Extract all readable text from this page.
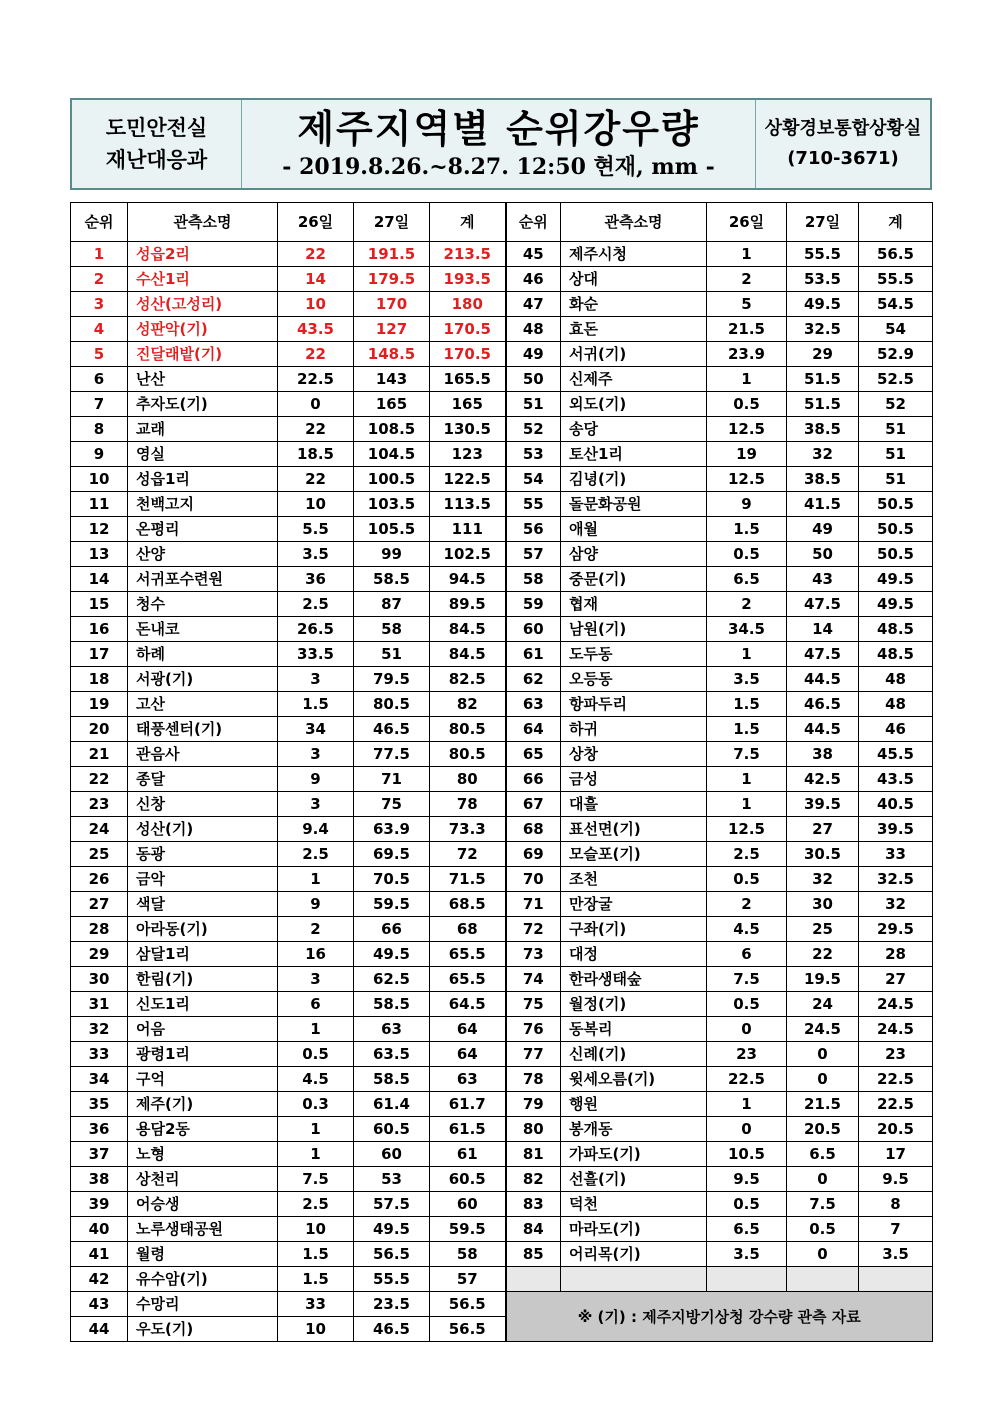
도민안전실
재난대응과
제주지역별 순위강우량
- 2019.8.26.~8.27. 12:50 현재, mm -
상황경보통합상황실
(710-3671)
순위	관측소명	26일	27일	계	순위	관측소명	26일	27일	계
1	성읍2리	22	191.5	213.5	45	제주시청	1	55.5	56.5
2	수산1리	14	179.5	193.5	46	상대	2	53.5	55.5
3	성산(고성리)	10	170	180	47	화순	5	49.5	54.5
4	성판악(기)	43.5	127	170.5	48	효돈	21.5	32.5	54
5	진달래밭(기)	22	148.5	170.5	49	서귀(기)	23.9	29	52.9
6	난산	22.5	143	165.5	50	신제주	1	51.5	52.5
7	추자도(기)	0	165	165	51	외도(기)	0.5	51.5	52
8	교래	22	108.5	130.5	52	송당	12.5	38.5	51
9	영실	18.5	104.5	123	53	토산1리	19	32	51
10	성읍1리	22	100.5	122.5	54	김녕(기)	12.5	38.5	51
11	천백고지	10	103.5	113.5	55	돌문화공원	9	41.5	50.5
12	온평리	5.5	105.5	111	56	애월	1.5	49	50.5
13	산양	3.5	99	102.5	57	삼양	0.5	50	50.5
14	서귀포수련원	36	58.5	94.5	58	중문(기)	6.5	43	49.5
15	청수	2.5	87	89.5	59	협재	2	47.5	49.5
16	돈내코	26.5	58	84.5	60	남원(기)	34.5	14	48.5
17	하례	33.5	51	84.5	61	도두동	1	47.5	48.5
18	서광(기)	3	79.5	82.5	62	오등동	3.5	44.5	48
19	고산	1.5	80.5	82	63	항파두리	1.5	46.5	48
20	태풍센터(기)	34	46.5	80.5	64	하귀	1.5	44.5	46
21	관음사	3	77.5	80.5	65	상창	7.5	38	45.5
22	종달	9	71	80	66	금성	1	42.5	43.5
23	신창	3	75	78	67	대흘	1	39.5	40.5
24	성산(기)	9.4	63.9	73.3	68	표선면(기)	12.5	27	39.5
25	동광	2.5	69.5	72	69	모슬포(기)	2.5	30.5	33
26	금악	1	70.5	71.5	70	조천	0.5	32	32.5
27	색달	9	59.5	68.5	71	만장굴	2	30	32
28	아라동(기)	2	66	68	72	구좌(기)	4.5	25	29.5
29	삼달1리	16	49.5	65.5	73	대정	6	22	28
30	한림(기)	3	62.5	65.5	74	한라생태숲	7.5	19.5	27
31	신도1리	6	58.5	64.5	75	월정(기)	0.5	24	24.5
32	어음	1	63	64	76	동복리	0	24.5	24.5
33	광령1리	0.5	63.5	64	77	신례(기)	23	0	23
34	구억	4.5	58.5	63	78	윗세오름(기)	22.5	0	22.5
35	제주(기)	0.3	61.4	61.7	79	행원	1	21.5	22.5
36	용담2동	1	60.5	61.5	80	봉개동	0	20.5	20.5
37	노형	1	60	61	81	가파도(기)	10.5	6.5	17
38	상천리	7.5	53	60.5	82	선흘(기)	9.5	0	9.5
39	어승생	2.5	57.5	60	83	덕천	0.5	7.5	8
40	노루생태공원	10	49.5	59.5	84	마라도(기)	6.5	0.5	7
41	월령	1.5	56.5	58	85	어리목(기)	3.5	0	3.5
42	유수암(기)	1.5	55.5	57					
43	수망리	33	23.5	56.5	※ (기) : 제주지방기상청 강수량 관측 자료				
44	우도(기)	10	46.5	56.5					
